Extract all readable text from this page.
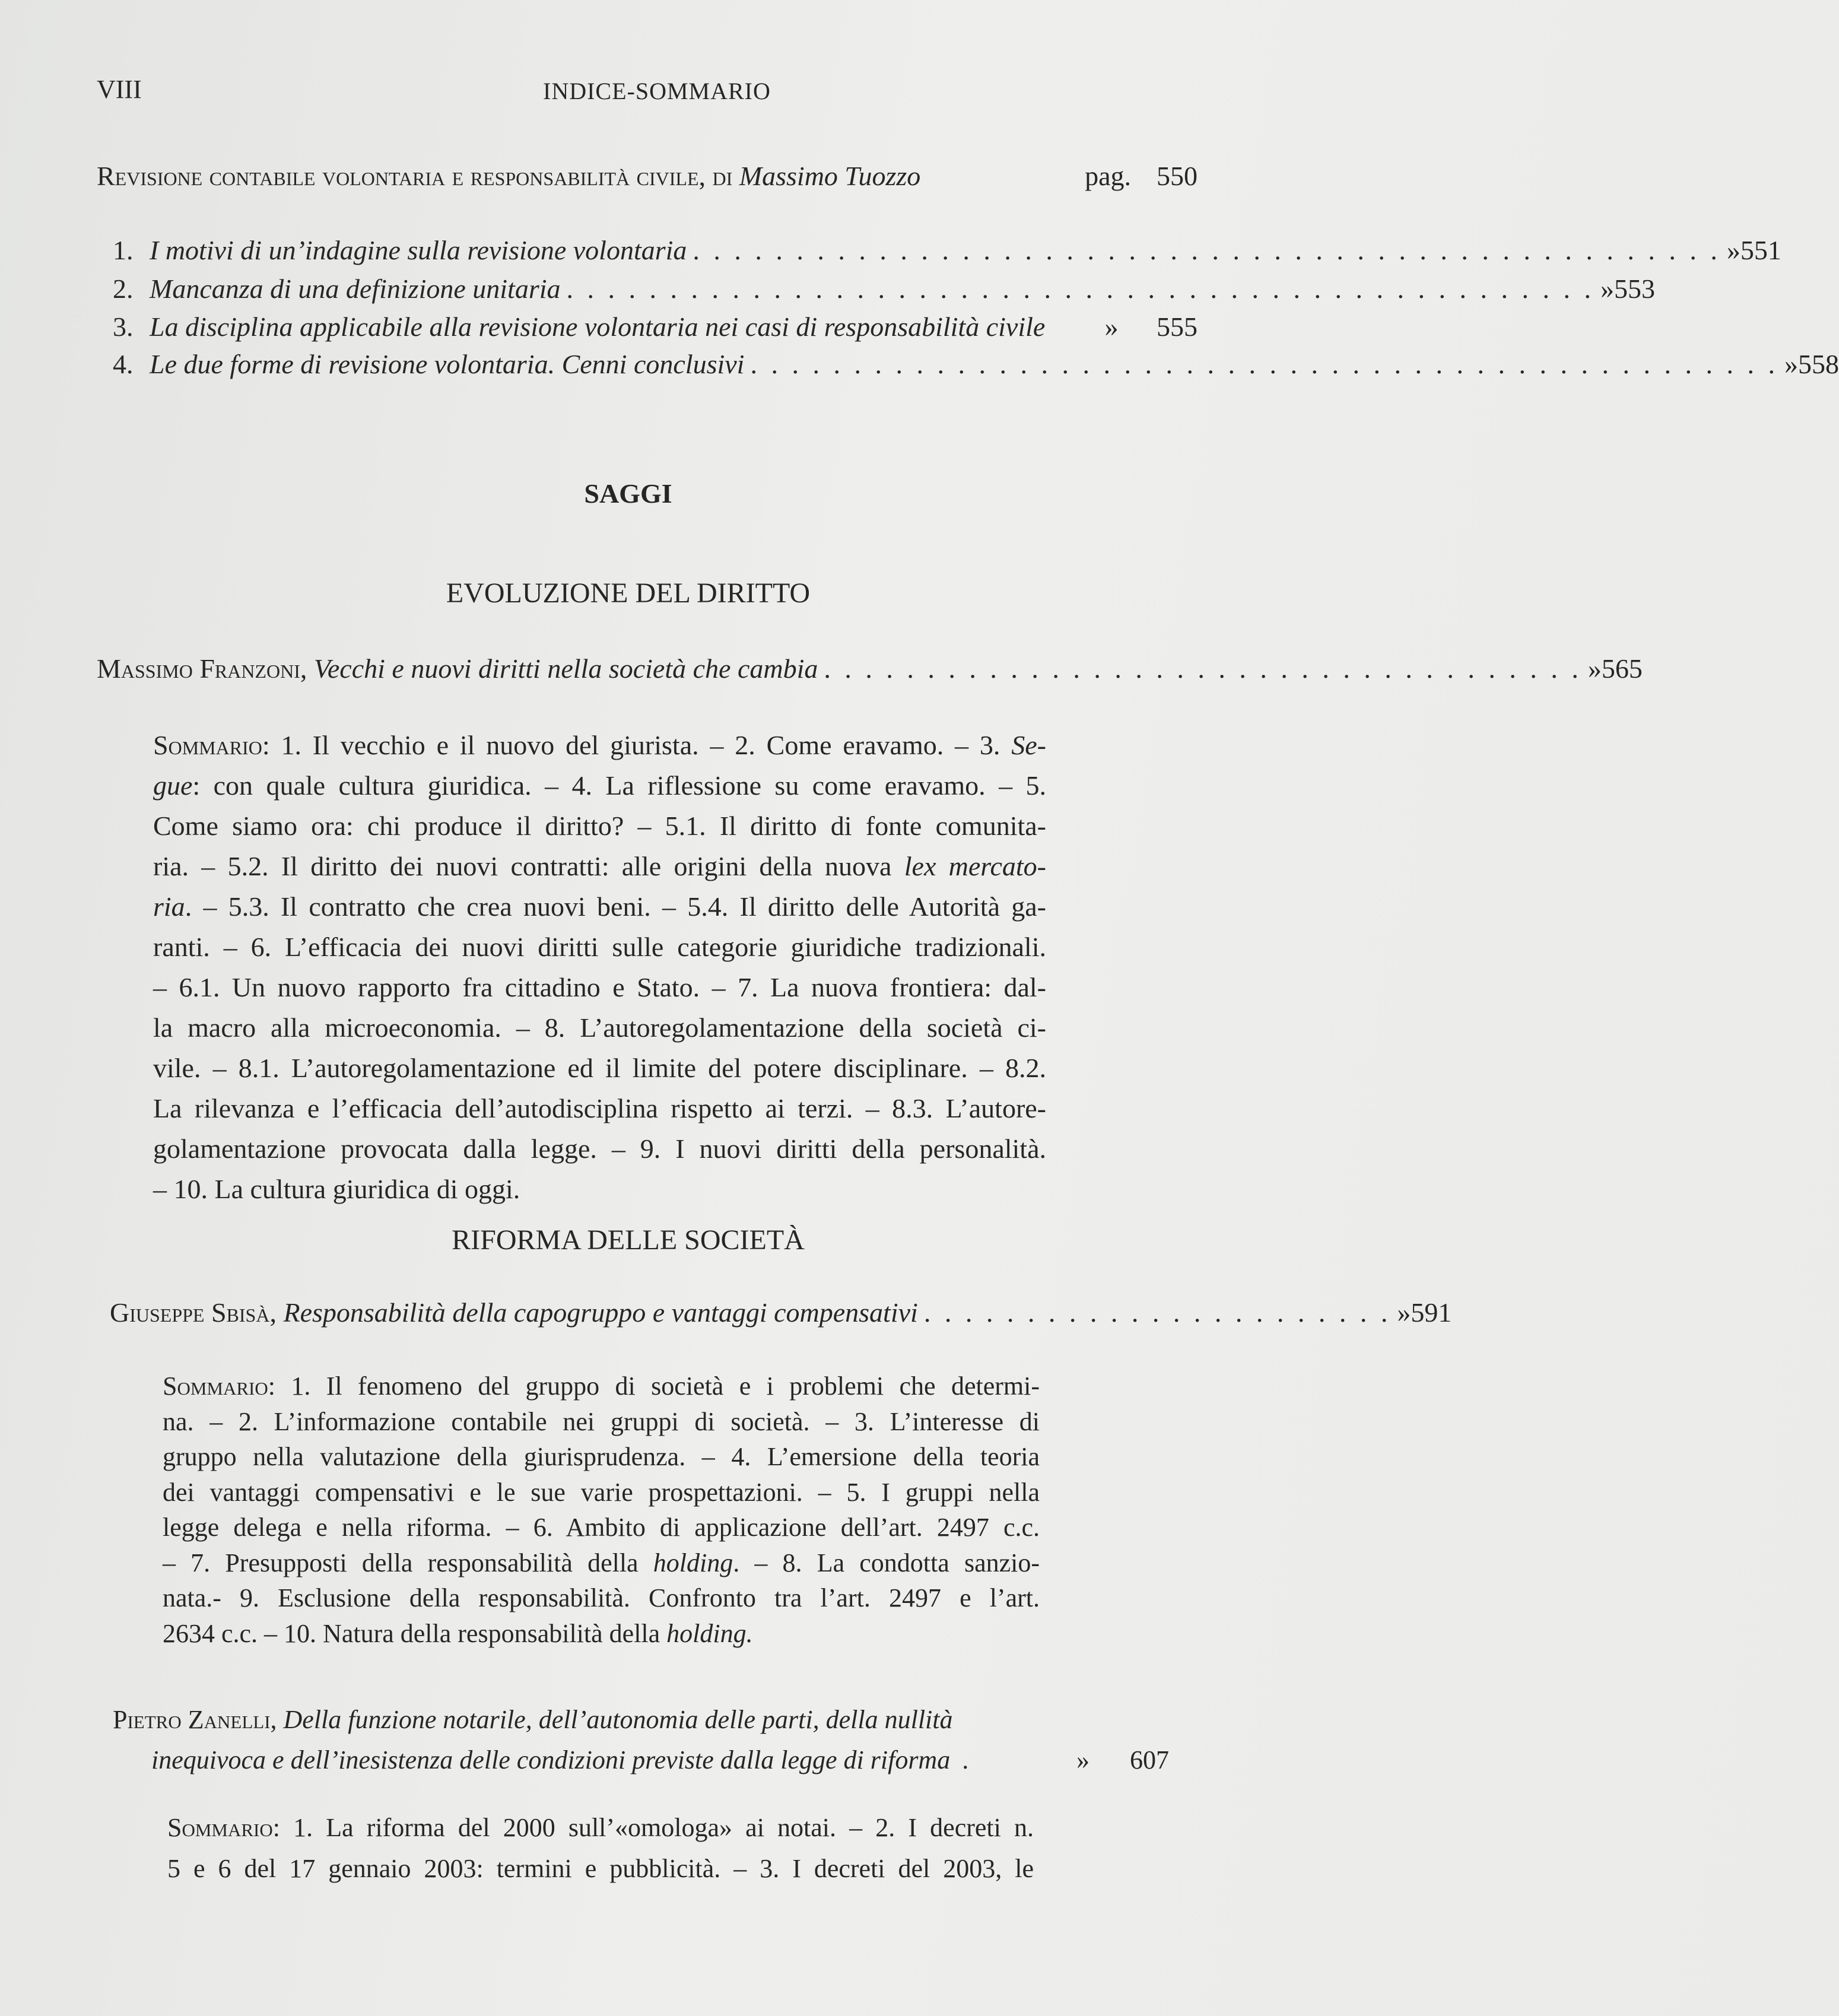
VIII	INDICE-SOMMARIO
Revisione contabile volontaria e responsabilità civile, di Massimo Tuozzo	pag. 550
1. I motivi di un’indagine sulla revisione volontaria . . . . . . . . . . . . . . . . . . . . . . . . . . . . . . . . . . . . . . . . . . . . . . . . . . » 551
2. Mancanza di una definizione unitaria . . . . . . . . . . . . . . . . . . . . . . . . . . . . . . . . . . . . . . . . . . . . . . . . . . » 553
3. La disciplina applicabile alla revisione volontaria nei casi di responsabilità civile	»	555
4. Le due forme di revisione volontaria. Cenni conclusivi . . . . . . . . . . . . . . . . . . . . . . . . . . . . . . . . . . . . . . . . . . . . . . . . . . » 558
SAGGI
EVOLUZIONE DEL DIRITTO
Massimo Franzoni, Vecchi e nuovi diritti nella società che cambia . . . . . . . . . . . . . . . . . . . . . . . . . . . . . . . . . . . . . » 565
Sommario: 1. Il vecchio e il nuovo del giurista. – 2. Come eravamo. – 3. Se-
gue: con quale cultura giuridica. – 4. La riflessione su come eravamo. – 5.
Come siamo ora: chi produce il diritto? – 5.1. Il diritto di fonte comunita-
ria. – 5.2. Il diritto dei nuovi contratti: alle origini della nuova lex mercato-
ria. – 5.3. Il contratto che crea nuovi beni. – 5.4. Il diritto delle Autorità ga-
ranti. – 6. L’efficacia dei nuovi diritti sulle categorie giuridiche tradizionali.
– 6.1. Un nuovo rapporto fra cittadino e Stato. – 7. La nuova frontiera: dal-
la macro alla microeconomia. – 8. L’autoregolamentazione della società ci-
vile. – 8.1. L’autoregolamentazione ed il limite del potere disciplinare. – 8.2.
La rilevanza e l’efficacia dell’autodisciplina rispetto ai terzi. – 8.3. L’autore-
golamentazione provocata dalla legge. – 9. I nuovi diritti della personalità.
– 10. La cultura giuridica di oggi.
RIFORMA DELLE SOCIETÀ
Giuseppe Sbisà, Responsabilità della capogruppo e vantaggi compensativi . . . . . . . . . . . . . . . . . . . . . . . » 591
Sommario: 1. Il fenomeno del gruppo di società e i problemi che determi-
na. – 2. L’informazione contabile nei gruppi di società. – 3. L’interesse di
gruppo nella valutazione della giurisprudenza. – 4. L’emersione della teoria
dei vantaggi compensativi e le sue varie prospettazioni. – 5. I gruppi nella
legge delega e nella riforma. – 6. Ambito di applicazione dell’art. 2497 c.c.
– 7. Presupposti della responsabilità della holding. – 8. La condotta sanzio-
nata.- 9. Esclusione della responsabilità. Confronto tra l’art. 2497 e l’art.
2634 c.c. – 10. Natura della responsabilità della holding.
Pietro Zanelli, Della funzione notarile, dell’autonomia delle parti, della nullità
inequivoca e dell’inesistenza delle condizioni previste dalla legge di riforma .	»	607
Sommario: 1. La riforma del 2000 sull’«omologa» ai notai. – 2. I decreti n.
5 e 6 del 17 gennaio 2003: termini e pubblicità. – 3. I decreti del 2003, le
